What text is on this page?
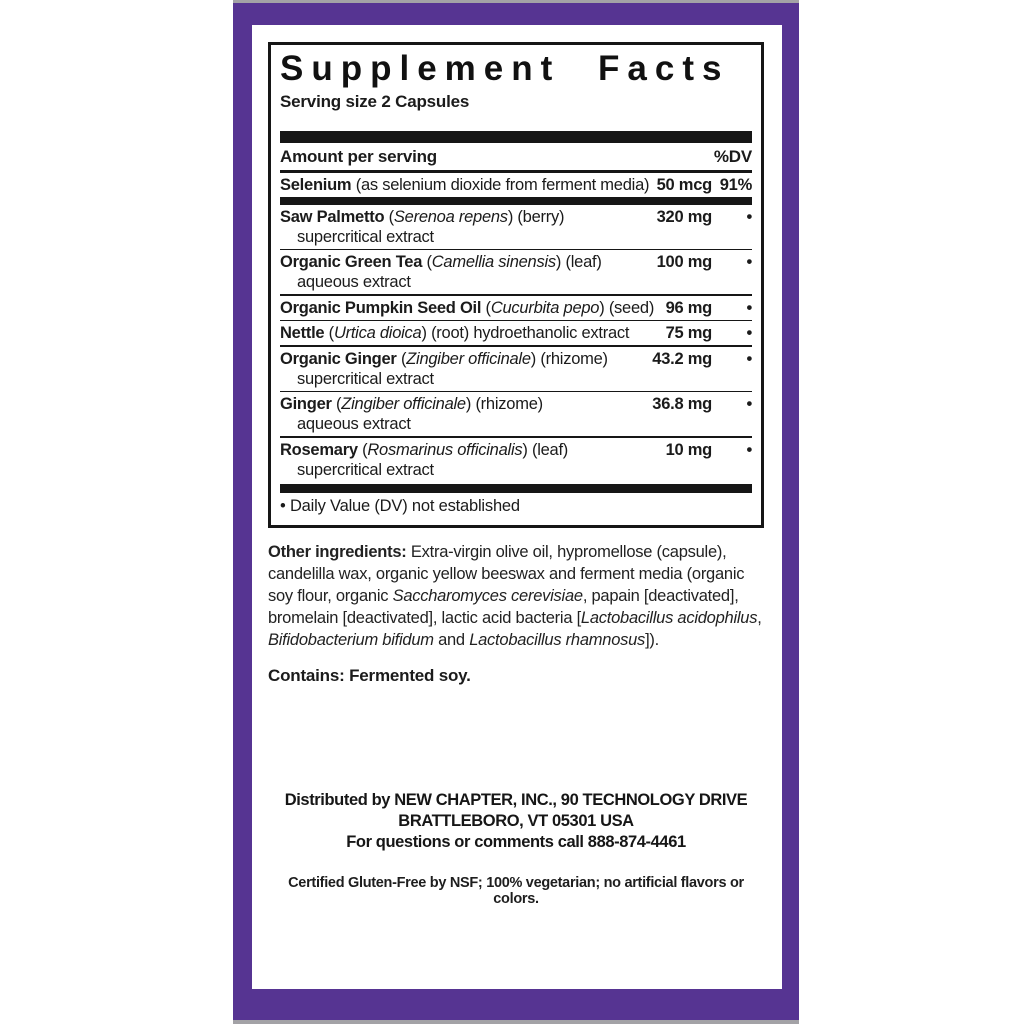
Supplement Facts
Serving size 2 Capsules
Amount per serving	%DV
Selenium (as selenium dioxide from ferment media) 50 mcg 91%
Saw Palmetto (Serenoa repens) (berry)
supercritical extract
320 mg	•
Organic Green Tea (Camellia sinensis) (leaf)
aqueous extract
100 mg	•
Organic Pumpkin Seed Oil (Cucurbita pepo) (seed) 96 mg	•
Nettle (Urtica dioica) (root) hydroethanolic extract	75 mg	•
Organic Ginger (Zingiber officinale) (rhizome)
supercritical extract
43.2 mg	•
Ginger (Zingiber officinale) (rhizome)
aqueous extract
36.8 mg	•
Rosemary (Rosmarinus officinalis) (leaf)
supercritical extract
10 mg	•
• Daily Value (DV) not established
Other ingredients: Extra-virgin olive oil, hypromellose (capsule), candelilla wax, organic yellow beeswax and ferment media (organic soy flour, organic Saccharomyces cerevisiae, papain [deactivated], bromelain [deactivated], lactic acid bacteria [Lactobacillus acidophilus, Bifidobacterium bifidum and Lactobacillus rhamnosus]).
Contains: Fermented soy.
Distributed by NEW CHAPTER, INC., 90 TECHNOLOGY DRIVE
BRATTLEBORO, VT 05301 USA
For questions or comments call 888-874-4461
Certified Gluten-Free by NSF; 100% vegetarian; no artificial flavors or colors.
